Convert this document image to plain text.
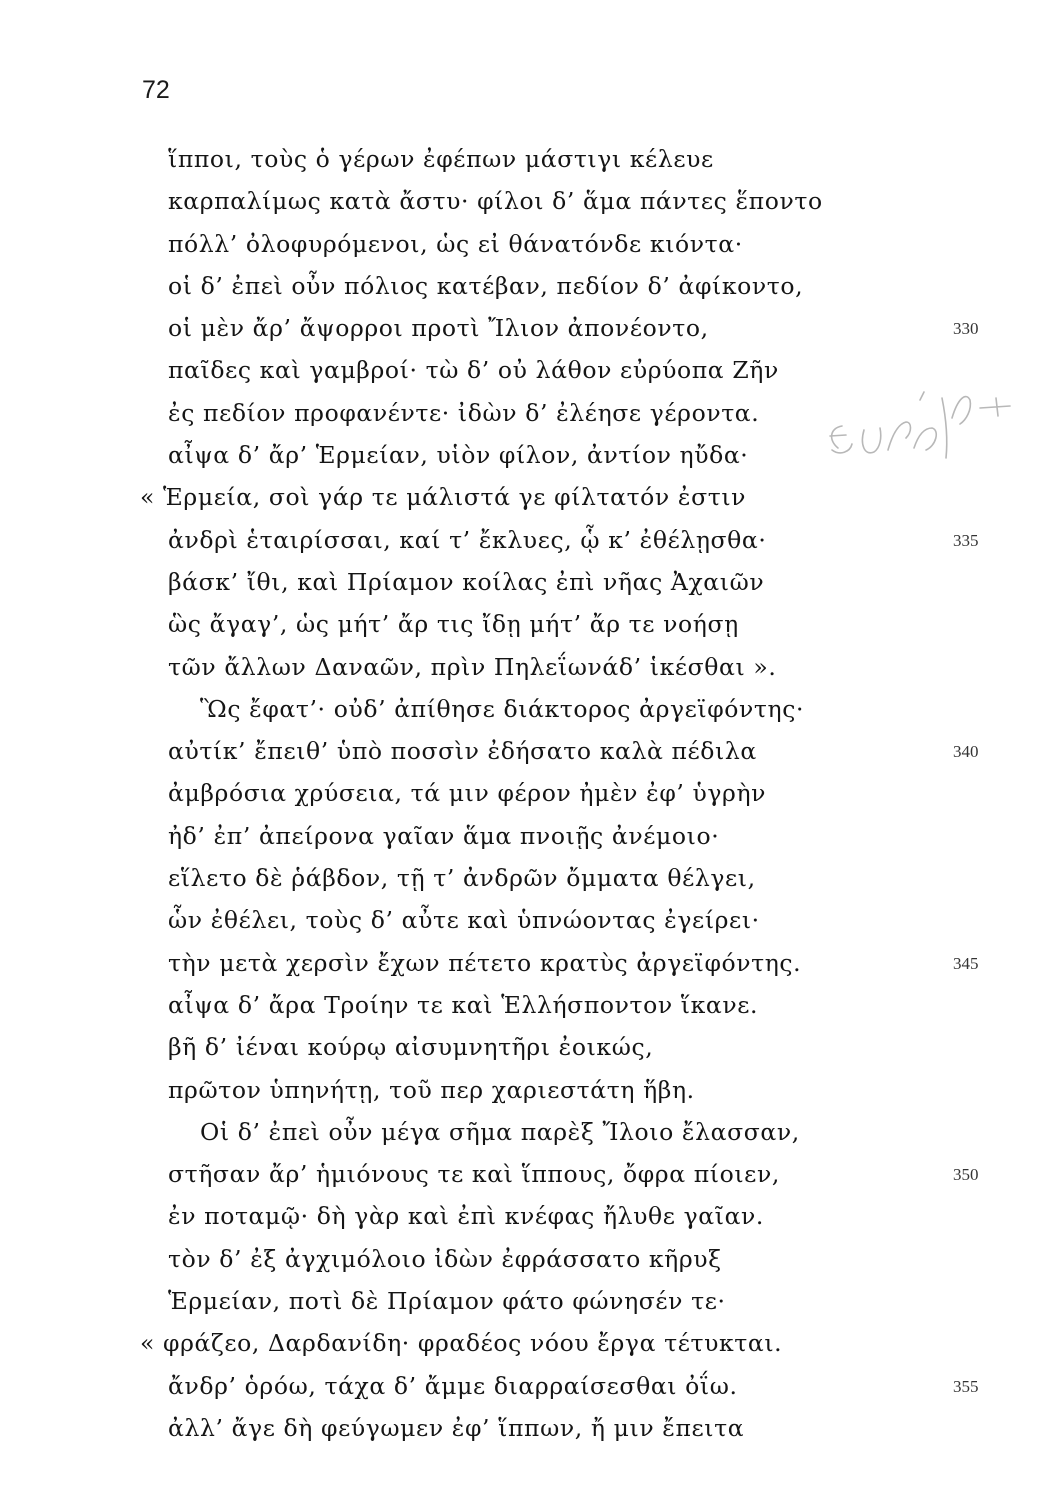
72
ἵπποι, τοὺς ὁ γέρων ἐφέπων μάστιγι κέλευε
καρπαλίμως κατὰ ἄστυ· φίλοι δ’ ἅμα πάντες ἕποντο
πόλλ’ ὀλοφυρόμενοι, ὡς εἰ θάνατόνδε κιόντα·
οἱ δ’ ἐπεὶ οὖν πόλιος κατέβαν, πεδίον δ’ ἀφίκοντο,
οἱ μὲν ἄρ’ ἄψορροι προτὶ Ἴλιον ἀπονέοντο,	330
παῖδες καὶ γαμβροί· τὼ δ’ οὐ λάθον εὐρύοπα Ζῆν
ἐς πεδίον προφανέντε· ἰδὼν δ’ ἐλέησε γέροντα.
αἶψα δ’ ἄρ’ Ἑρμείαν, υἱὸν φίλον, ἀντίον ηὔδα·
« Ἑρμεία, σοὶ γάρ τε μάλιστά γε φίλτατόν ἐστιν
ἀνδρὶ ἑταιρίσσαι, καί τ’ ἔκλυες, ᾧ κ’ ἐθέλῃσθα·	335
βάσκ’ ἴθι, καὶ Πρίαμον κοίλας ἐπὶ νῆας Ἀχαιῶν
ὣς ἄγαγ’, ὡς μήτ’ ἄρ τις ἴδῃ μήτ’ ἄρ τε νοήσῃ
τῶν ἄλλων Δαναῶν, πρὶν Πηλεΐωνάδ’ ἱκέσθαι ».
Ὣς ἔφατ’· οὐδ’ ἀπίθησε διάκτορος ἀργεϊφόντης·
αὐτίκ’ ἔπειθ’ ὑπὸ ποσσὶν ἐδήσατο καλὰ πέδιλα	340
ἀμβρόσια χρύσεια, τά μιν φέρον ἠμὲν ἐφ’ ὑγρὴν
ἠδ’ ἐπ’ ἀπείρονα γαῖαν ἅμα πνοιῇς ἀνέμοιο·
εἵλετο δὲ ῥάβδον, τῇ τ’ ἀνδρῶν ὄμματα θέλγει,
ὧν ἐθέλει, τοὺς δ’ αὖτε καὶ ὑπνώοντας ἐγείρει·
τὴν μετὰ χερσὶν ἔχων πέτετο κρατὺς ἀργεϊφόντης.	345
αἶψα δ’ ἄρα Τροίην τε καὶ Ἑλλήσποντον ἵκανε.
βῆ δ’ ἰέναι κούρῳ αἰσυμνητῆρι ἐοικώς,
πρῶτον ὑπηνήτῃ, τοῦ περ χαριεστάτη ἥβη.
Οἱ δ’ ἐπεὶ οὖν μέγα σῆμα παρὲξ Ἴλοιο ἔλασσαν,
στῆσαν ἄρ’ ἡμιόνους τε καὶ ἵππους, ὄφρα πίοιεν,	350
ἐν ποταμῷ· δὴ γὰρ καὶ ἐπὶ κνέφας ἤλυθε γαῖαν.
τὸν δ’ ἐξ ἀγχιμόλοιο ἰδὼν ἐφράσσατο κῆρυξ
Ἑρμείαν, ποτὶ δὲ Πρίαμον φάτο φώνησέν τε·
« φράζεο, Δαρδανίδη· φραδέος νόου ἔργα τέτυκται.
ἄνδρ’ ὁρόω, τάχα δ’ ἄμμε διαρραίσεσθαι ὀΐω.	355
ἀλλ’ ἄγε δὴ φεύγωμεν ἐφ’ ἵππων, ἤ μιν ἔπειτα
